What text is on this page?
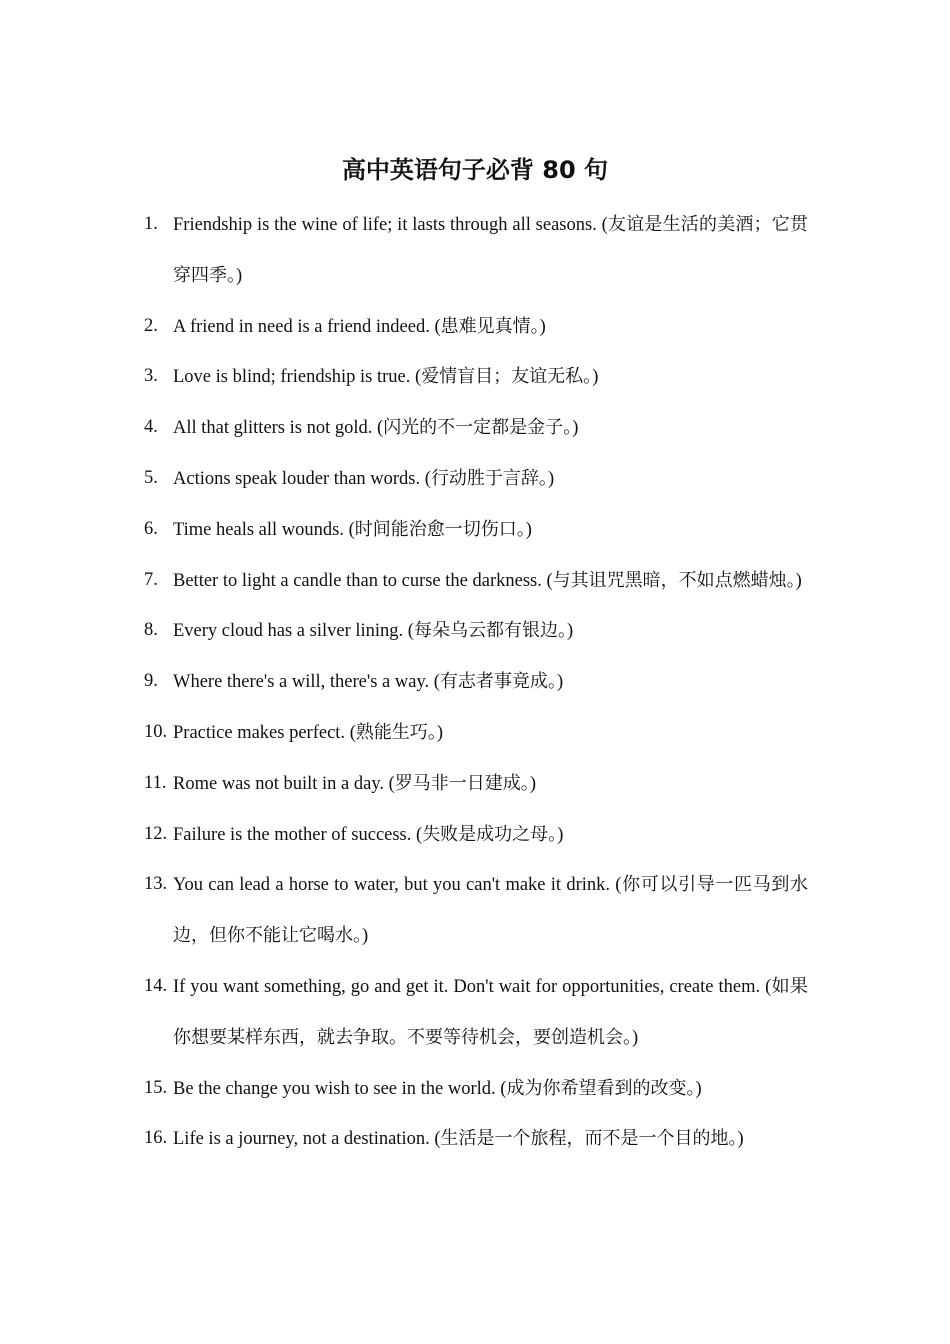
高中英语句子必背 80 句
1. Friendship is the wine of life; it lasts through all seasons. (友谊是生活的美酒；它贯穿四季。)
2. A friend in need is a friend indeed. (患难见真情。)
3. Love is blind; friendship is true. (爱情盲目；友谊无私。)
4. All that glitters is not gold. (闪光的不一定都是金子。)
5. Actions speak louder than words. (行动胜于言辞。)
6. Time heals all wounds. (时间能治愈一切伤口。)
7. Better to light a candle than to curse the darkness. (与其诅咒黑暗，不如点燃蜡烛。)
8. Every cloud has a silver lining. (每朵乌云都有银边。)
9. Where there's a will, there's a way. (有志者事竟成。)
10. Practice makes perfect. (熟能生巧。)
11. Rome was not built in a day. (罗马非一日建成。)
12. Failure is the mother of success. (失败是成功之母。)
13. You can lead a horse to water, but you can't make it drink. (你可以引导一匹马到水边，但你不能让它喝水。)
14. If you want something, go and get it. Don't wait for opportunities, create them. (如果你想要某样东西，就去争取。不要等待机会，要创造机会。)
15. Be the change you wish to see in the world. (成为你希望看到的改变。)
16. Life is a journey, not a destination. (生活是一个旅程，而不是一个目的地。)
